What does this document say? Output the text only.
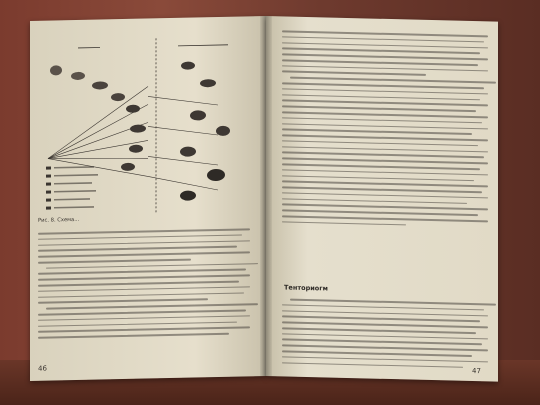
Рис. 8. Схема...
46
Тенториогм
47
